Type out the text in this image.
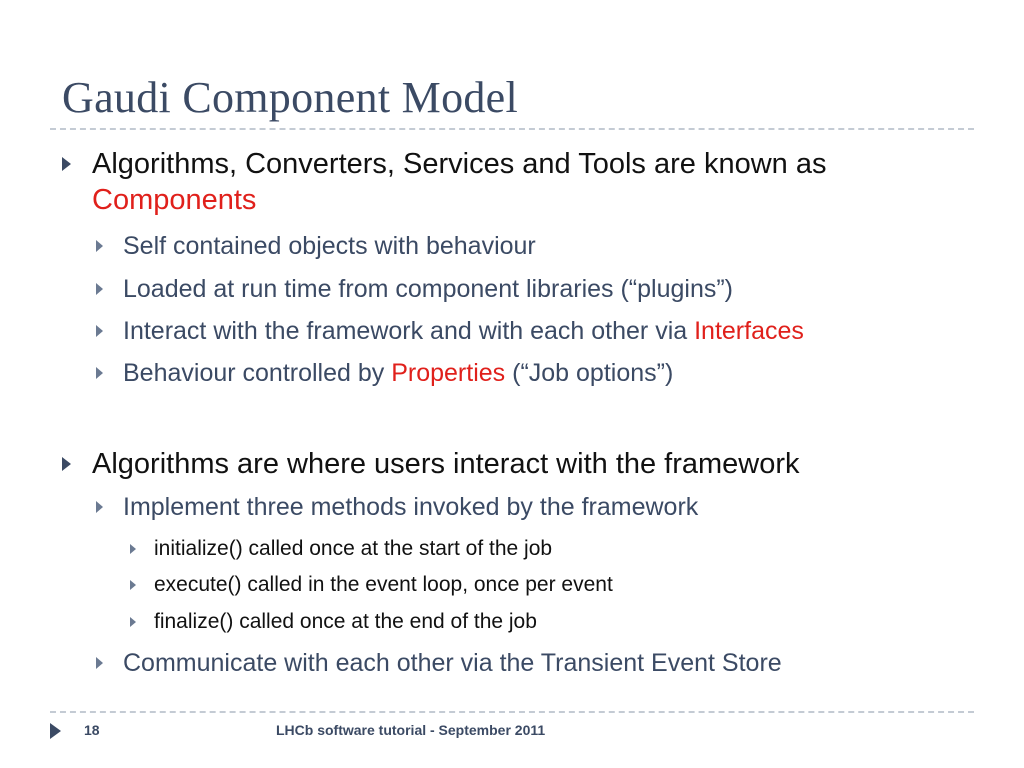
Gaudi Component Model
Algorithms, Converters, Services and Tools are known as
Components
Self contained objects with behaviour
Loaded at run time from component libraries (“plugins”)
Interact with the framework and with each other via Interfaces
Behaviour controlled by Properties (“Job options”)
Algorithms are where users interact with the framework
Implement three methods invoked by the framework
initialize() called once at the start of the job
execute() called in the event loop, once per event
finalize() called once at the end of the job
Communicate with each other via the Transient Event Store
18	LHCb software tutorial - September 2011
